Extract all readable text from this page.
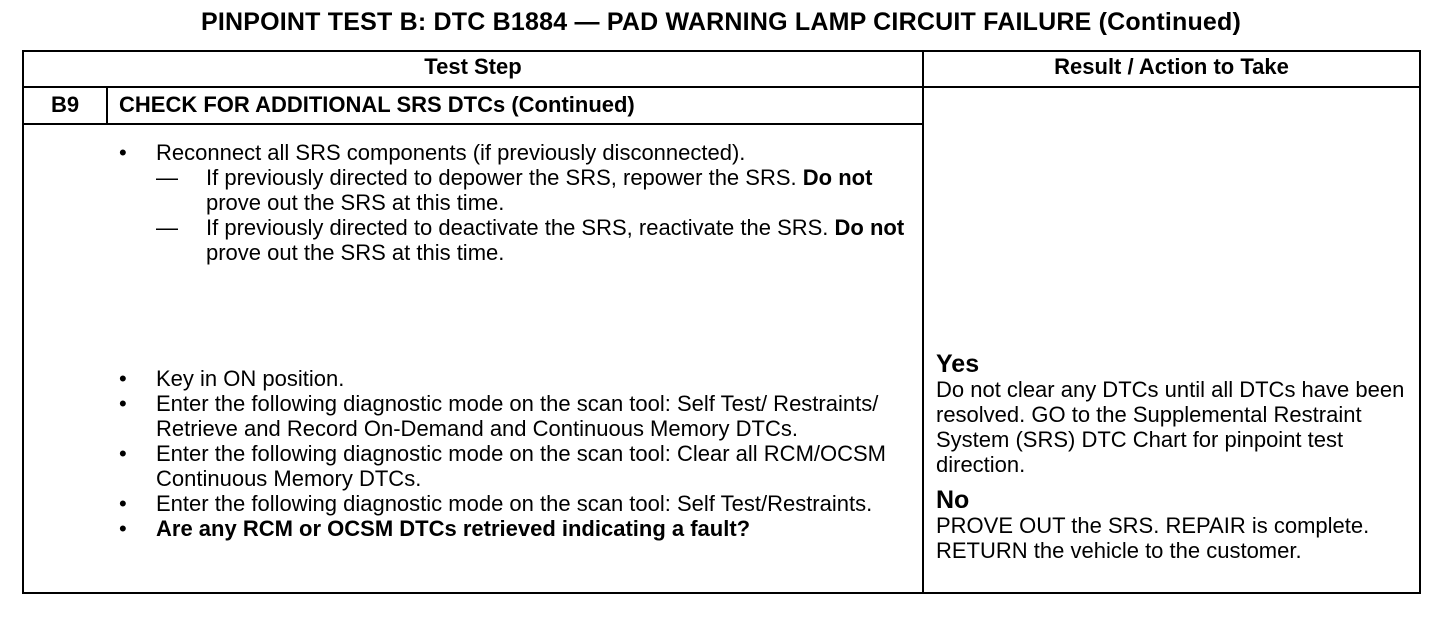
PINPOINT TEST B: DTC B1884 — PAD WARNING LAMP CIRCUIT FAILURE (Continued)
Test Step	Result / Action to Take
B9	CHECK FOR ADDITIONAL SRS DTCs (Continued)
• Reconnect all SRS components (if previously disconnected).
— If previously directed to depower the SRS, repower the SRS. Do not prove out the SRS at this time.
— If previously directed to deactivate the SRS, reactivate the SRS. Do not prove out the SRS at this time.
• Key in ON position.
• Enter the following diagnostic mode on the scan tool: Self Test/ Restraints/ Retrieve and Record On-Demand and Continuous Memory DTCs.
• Enter the following diagnostic mode on the scan tool: Clear all RCM/OCSM Continuous Memory DTCs.
• Enter the following diagnostic mode on the scan tool: Self Test/Restraints.
• Are any RCM or OCSM DTCs retrieved indicating a fault?
Yes
Do not clear any DTCs until all DTCs have been resolved. GO to the Supplemental Restraint System (SRS) DTC Chart for pinpoint test direction.
No
PROVE OUT the SRS. REPAIR is complete. RETURN the vehicle to the customer.
